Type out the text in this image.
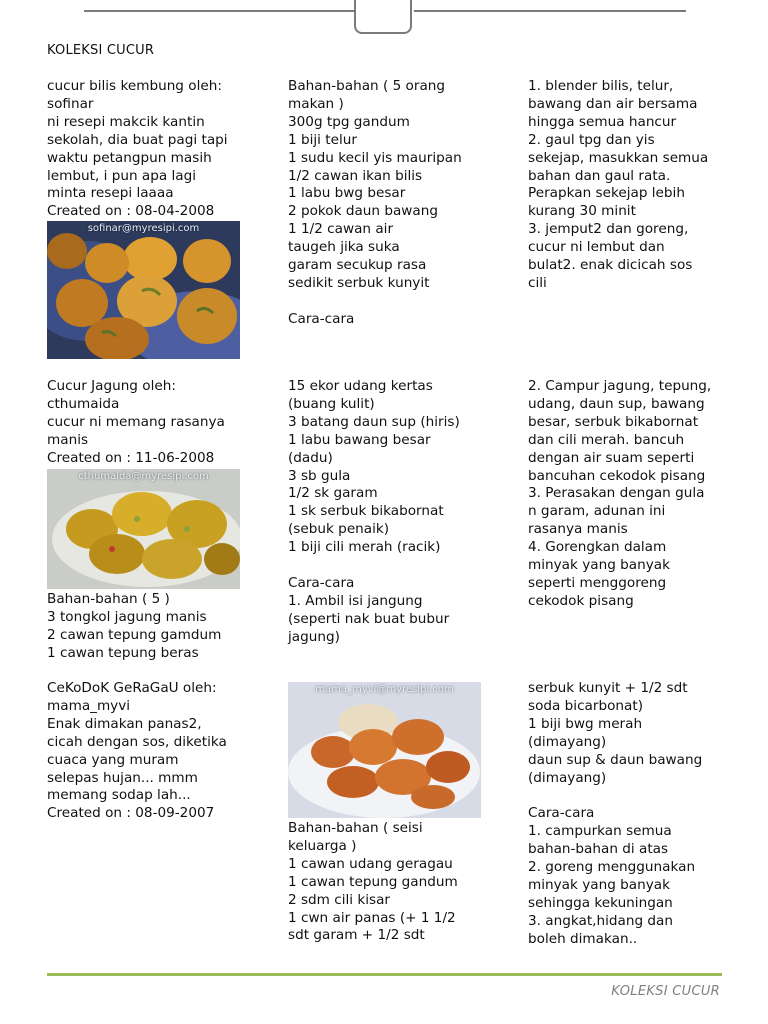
KOLEKSI CUCUR

cucur bilis kembung oleh:
sofinar
ni resepi makcik kantin
sekolah, dia buat pagi tapi
waktu petangpun masih
lembut, i pun apa lagi
minta resepi laaaa
Created on : 08-04-2008

sofinar@myresipi.com

Bahan-bahan ( 5 orang
makan )
300g tpg gandum
1 biji telur
1 sudu kecil yis mauripan
1/2 cawan ikan bilis
1 labu bwg besar
2 pokok daun bawang
1 1/2 cawan air
taugeh jika suka
garam secukup rasa
sedikit serbuk kunyit

Cara-cara

1. blender bilis, telur,
bawang dan air bersama
hingga semua hancur
2. gaul tpg dan yis
sekejap, masukkan semua
bahan dan gaul rata.
Perapkan sekejap lebih
kurang 30 minit
3. jemput2 dan goreng,
cucur ni lembut dan
bulat2. enak dicicah sos
cili

Cucur Jagung oleh:
cthumaida
cucur ni memang rasanya
manis
Created on : 11-06-2008

cthumaida@myresipi.com

Bahan-bahan ( 5 )
3 tongkol jagung manis
2 cawan tepung gamdum
1 cawan tepung beras

15 ekor udang kertas
(buang kulit)
3 batang daun sup (hiris)
1 labu bawang besar
(dadu)
3 sb gula
1/2 sk garam
1 sk serbuk bikabornat
(sebuk penaik)
1 biji cili merah (racik)

Cara-cara
1. Ambil isi jangung
(seperti nak buat bubur
jagung)

2. Campur jagung, tepung,
udang, daun sup, bawang
besar, serbuk bikabornat
dan cili merah. bancuh
dengan air suam seperti
bancuhan cekodok pisang
3. Perasakan dengan gula
n garam, adunan ini
rasanya manis
4. Gorengkan dalam
minyak yang banyak
seperti menggoreng
cekodok pisang

CeKoDoK GeRaGaU oleh:
mama_myvi
Enak dimakan panas2,
cicah dengan sos, diketika
cuaca yang muram
selepas hujan... mmm
memang sodap lah...
Created on : 08-09-2007

mama_myvi@myresipi.com

Bahan-bahan ( seisi
keluarga )
1 cawan udang geragau
1 cawan tepung gandum
2 sdm cili kisar
1 cwn air panas (+ 1 1/2
sdt garam + 1/2 sdt

serbuk kunyit + 1/2 sdt
soda bicarbonat)
1 biji bwg merah
(dimayang)
daun sup & daun bawang
(dimayang)

Cara-cara
1. campurkan semua
bahan-bahan di atas
2. goreng menggunakan
minyak yang banyak
sehingga kekuningan
3. angkat,hidang dan
boleh dimakan..

KOLEKSI CUCUR
